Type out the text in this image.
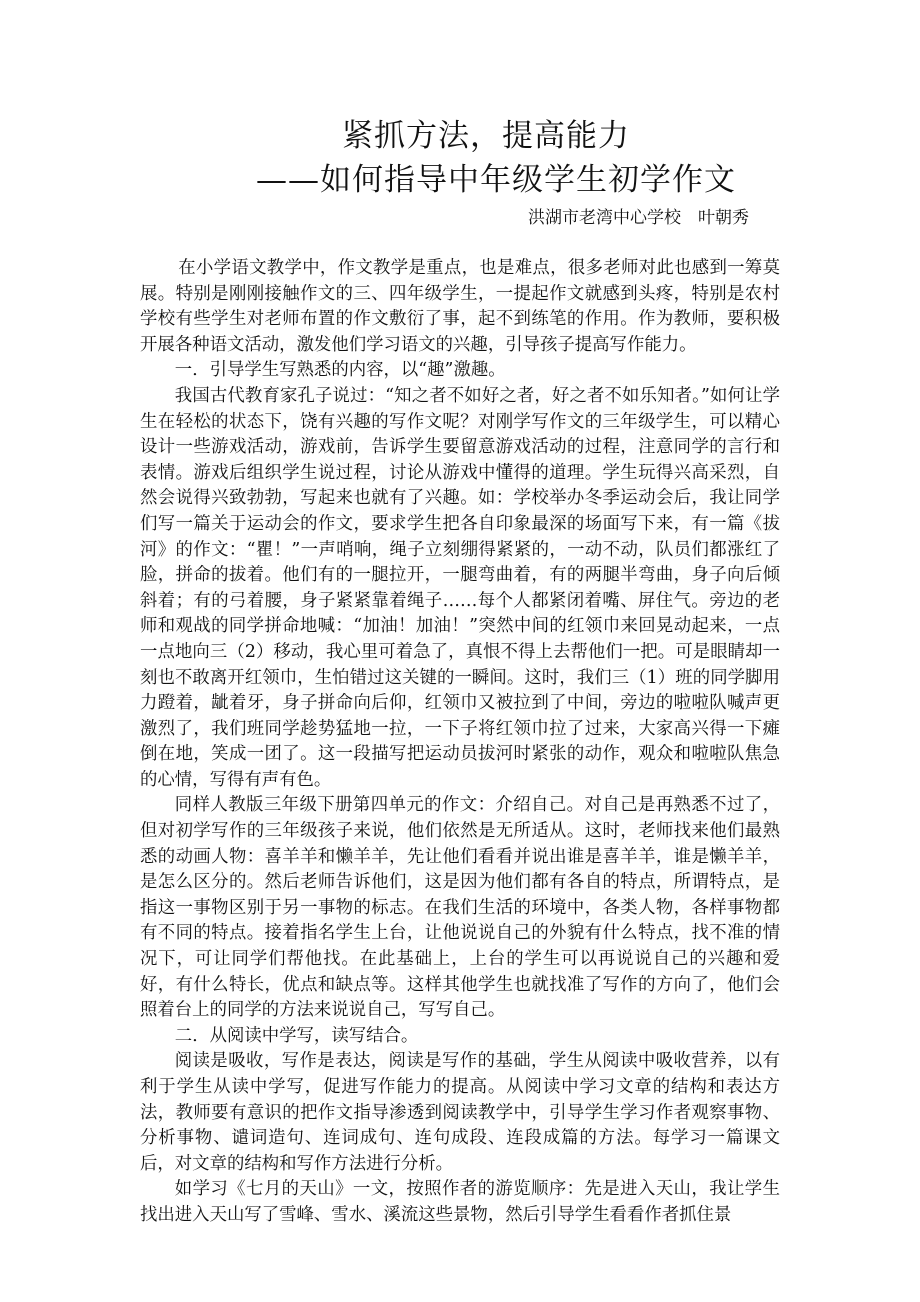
紧抓方法，提高能力
——如何指导中年级学生初学作文
洪湖市老湾中心学校　叶朝秀

在小学语文教学中，作文教学是重点，也是难点，很多老师对此也感到一筹莫展。特别是刚刚接触作文的三、四年级学生，一提起作文就感到头疼，特别是农村学校有些学生对老师布置的作文敷衍了事，起不到练笔的作用。作为教师，要积极开展各种语文活动，激发他们学习语文的兴趣，引导孩子提高写作能力。

一．引导学生写熟悉的内容，以“趣”激趣。

我国古代教育家孔子说过：“知之者不如好之者，好之者不如乐知者。”如何让学生在轻松的状态下，饶有兴趣的写作文呢？对刚学写作文的三年级学生，可以精心设计一些游戏活动，游戏前，告诉学生要留意游戏活动的过程，注意同学的言行和表情。游戏后组织学生说过程，讨论从游戏中懂得的道理。学生玩得兴高采烈，自然会说得兴致勃勃，写起来也就有了兴趣。如：学校举办冬季运动会后，我让同学们写一篇关于运动会的作文，要求学生把各自印象最深的场面写下来，有一篇《拔河》的作文：“瞿！”一声哨响，绳子立刻绷得紧紧的，一动不动，队员们都涨红了脸，拼命的拔着。他们有的一腿拉开，一腿弯曲着，有的两腿半弯曲，身子向后倾斜着；有的弓着腰，身子紧紧靠着绳子……每个人都紧闭着嘴、屏住气。旁边的老师和观战的同学拼命地喊：“加油！加油！”突然中间的红领巾来回晃动起来，一点一点地向三（2）移动，我心里可着急了，真恨不得上去帮他们一把。可是眼睛却一刻也不敢离开红领巾，生怕错过这关键的一瞬间。这时，我们三（1）班的同学脚用力蹬着，龇着牙，身子拼命向后仰，红领巾又被拉到了中间，旁边的啦啦队喊声更激烈了，我们班同学趁势猛地一拉，一下子将红领巾拉了过来，大家高兴得一下瘫倒在地，笑成一团了。这一段描写把运动员拔河时紧张的动作，观众和啦啦队焦急的心情，写得有声有色。

同样人教版三年级下册第四单元的作文：介绍自己。对自己是再熟悉不过了，但对初学写作的三年级孩子来说，他们依然是无所适从。这时，老师找来他们最熟悉的动画人物：喜羊羊和懒羊羊，先让他们看看并说出谁是喜羊羊，谁是懒羊羊，是怎么区分的。然后老师告诉他们，这是因为他们都有各自的特点，所谓特点，是指这一事物区别于另一事物的标志。在我们生活的环境中，各类人物，各样事物都有不同的特点。接着指名学生上台，让他说说自己的外貌有什么特点，找不准的情况下，可让同学们帮他找。在此基础上，上台的学生可以再说说自己的兴趣和爱好，有什么特长，优点和缺点等。这样其他学生也就找准了写作的方向了，他们会照着台上的同学的方法来说说自己，写写自己。

二．从阅读中学写，读写结合。

阅读是吸收，写作是表达，阅读是写作的基础，学生从阅读中吸收营养，以有利于学生从读中学写，促进写作能力的提高。从阅读中学习文章的结构和表达方法，教师要有意识的把作文指导渗透到阅读教学中，引导学生学习作者观察事物、分析事物、谴词造句、连词成句、连句成段、连段成篇的方法。每学习一篇课文后，对文章的结构和写作方法进行分析。

如学习《七月的天山》一文，按照作者的游览顺序：先是进入天山，我让学生找出进入天山写了雪峰、雪水、溪流这些景物，然后引导学生看看作者抓住景
